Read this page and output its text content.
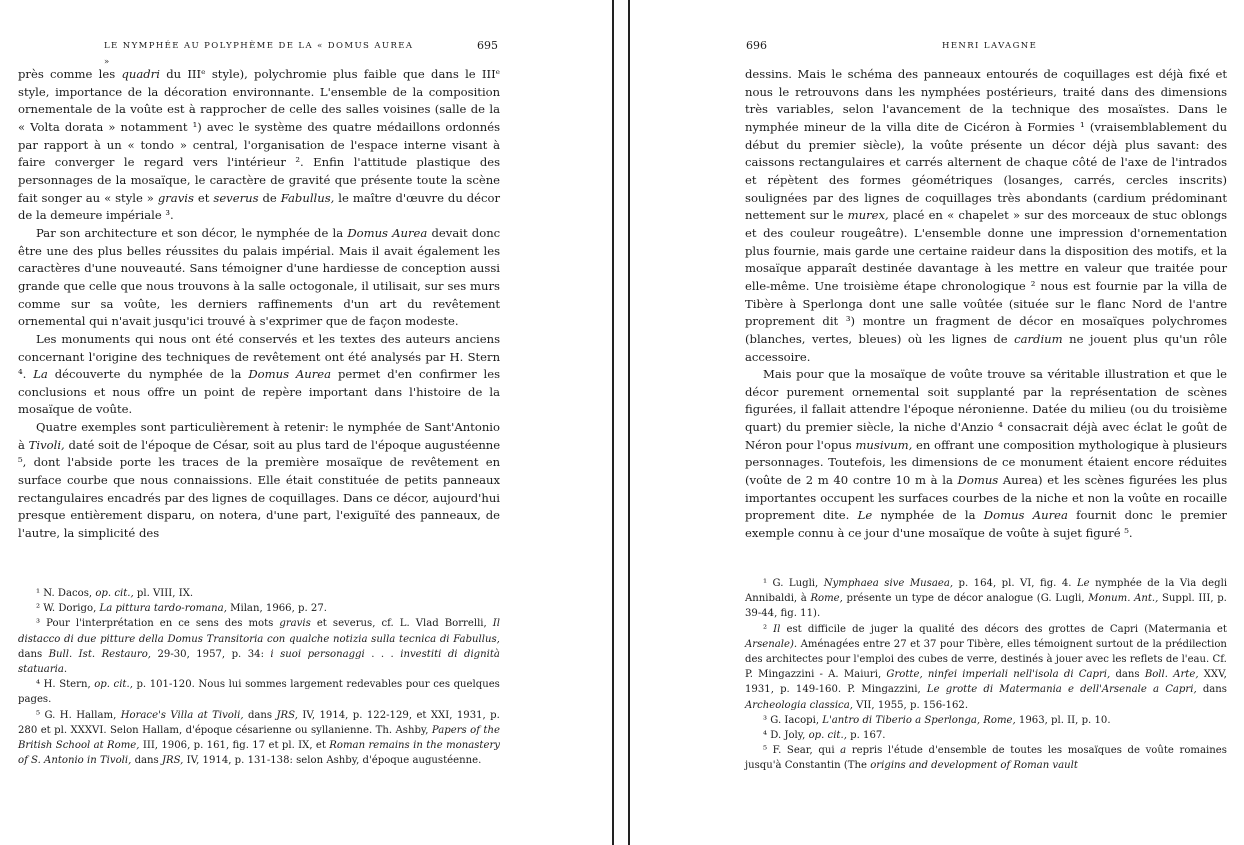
LE NYMPHÉE AU POLYPHÈME DE LA « DOMUS AUREA »
695

près comme les quadri du IIIᵉ style), polychromie plus faible que dans le IIIᵉ style, importance de la décoration environnante. L'ensemble de la composition ornementale de la voûte est à rapprocher de celle des salles voisines (salle de la « Volta dorata » notamment ¹) avec le système des quatre médaillons ordonnés par rapport à un « tondo » central, l'organisation de l'espace interne visant à faire converger le regard vers l'intérieur ². Enfin l'attitude plastique des personnages de la mosaïque, le caractère de gravité que présente toute la scène fait songer au « style » gravis et severus de Fabullus, le maître d'œuvre du décor de la demeure impériale ³.

Par son architecture et son décor, le nymphée de la Domus Aurea devait donc être une des plus belles réussites du palais impérial. Mais il avait également les caractères d'une nouveauté. Sans témoigner d'une hardiesse de conception aussi grande que celle que nous trouvons à la salle octogonale, il utilisait, sur ses murs comme sur sa voûte, les derniers raffinements d'un art du revêtement ornemental qui n'avait jusqu'ici trouvé à s'exprimer que de façon modeste.

Les monuments qui nous ont été conservés et les textes des auteurs anciens concernant l'origine des techniques de revêtement ont été analysés par H. Stern ⁴. La découverte du nymphée de la Domus Aurea permet d'en confirmer les conclusions et nous offre un point de repère important dans l'histoire de la mosaïque de voûte.

Quatre exemples sont particulièrement à retenir: le nymphée de Sant'Antonio à Tivoli, daté soit de l'époque de César, soit au plus tard de l'époque augustéenne ⁵, dont l'abside porte les traces de la première mosaïque de revêtement en surface courbe que nous connaissions. Elle était constituée de petits panneaux rectangulaires encadrés par des lignes de coquillages. Dans ce décor, aujourd'hui presque entièrement disparu, on notera, d'une part, l'exiguïté des panneaux, de l'autre, la simplicité des

¹ N. Dacos, op. cit., pl. VIII, IX.

² W. Dorigo, La pittura tardo-romana, Milan, 1966, p. 27.

³ Pour l'interprétation en ce sens des mots gravis et severus, cf. L. Vlad Borrelli, Il distacco di due pitture della Domus Transitoria con qualche notizia sulla tecnica di Fabullus, dans Bull. Ist. Restauro, 29-30, 1957, p. 34: i suoi personaggi . . . investiti di dignità statuaria.

⁴ H. Stern, op. cit., p. 101-120. Nous lui sommes largement redevables pour ces quelques pages.

⁵ G. H. Hallam, Horace's Villa at Tivoli, dans JRS, IV, 1914, p. 122-129, et XXI, 1931, p. 280 et pl. XXXVI. Selon Hallam, d'époque césarienne ou syllanienne. Th. Ashby, Papers of the British School at Rome, III, 1906, p. 161, fig. 17 et pl. IX, et Roman remains in the monastery of S. Antonio in Tivoli, dans JRS, IV, 1914, p. 131-138: selon Ashby, d'époque augustéenne.

696	HENRI LAVAGNE

dessins. Mais le schéma des panneaux entourés de coquillages est déjà fixé et nous le retrouvons dans les nymphées postérieurs, traité dans des dimensions très variables, selon l'avancement de la technique des mosaïstes. Dans le nymphée mineur de la villa dite de Cicéron à Formies ¹ (vraisemblablement du début du premier siècle), la voûte présente un décor déjà plus savant: des caissons rectangulaires et carrés alternent de chaque côté de l'axe de l'intrados et répètent des formes géométriques (losanges, carrés, cercles inscrits) soulignées par des lignes de coquillages très abondants (cardium prédominant nettement sur le murex, placé en « chapelet » sur des morceaux de stuc oblongs et des couleur rougeâtre). L'ensemble donne une impression d'ornementation plus fournie, mais garde une certaine raideur dans la disposition des motifs, et la mosaïque apparaît destinée davantage à les mettre en valeur que traitée pour elle-même. Une troisième étape chronologique ² nous est fournie par la villa de Tibère à Sperlonga dont une salle voûtée (située sur le flanc Nord de l'antre proprement dit ³) montre un fragment de décor en mosaïques polychromes (blanches, vertes, bleues) où les lignes de cardium ne jouent plus qu'un rôle accessoire.

Mais pour que la mosaïque de voûte trouve sa véritable illustration et que le décor purement ornemental soit supplanté par la représentation de scènes figurées, il fallait attendre l'époque néronienne. Datée du milieu (ou du troisième quart) du premier siècle, la niche d'Anzio ⁴ consacrait déjà avec éclat le goût de Néron pour l'opus musivum, en offrant une composition mythologique à plusieurs personnages. Toutefois, les dimensions de ce monument étaient encore réduites (voûte de 2 m 40 contre 10 m à la Domus Aurea) et les scènes figurées les plus importantes occupent les surfaces courbes de la niche et non la voûte en rocaille proprement dite. Le nymphée de la Domus Aurea fournit donc le premier exemple connu à ce jour d'une mosaïque de voûte à sujet figuré ⁵.

¹ G. Lugli, Nymphaea sive Musaea, p. 164, pl. VI, fig. 4. Le nymphée de la Via degli Annibaldi, à Rome, présente un type de décor analogue (G. Lugli, Monum. Ant., Suppl. III, p. 39-44, fig. 11).

² Il est difficile de juger la qualité des décors des grottes de Capri (Matermania et Arsenale). Aménagées entre 27 et 37 pour Tibère, elles témoignent surtout de la prédilection des architectes pour l'emploi des cubes de verre, destinés à jouer avec les reflets de l'eau. Cf. P. Mingazzini - A. Maiuri, Grotte, ninfei imperiali nell'isola di Capri, dans Boll. Arte, XXV, 1931, p. 149-160. P. Mingazzini, Le grotte di Matermania e dell'Arsenale a Capri, dans Archeologia classica, VII, 1955, p. 156-162.

³ G. Iacopi, L'antro di Tiberio a Sperlonga, Rome, 1963, pl. II, p. 10.

⁴ D. Joly, op. cit., p. 167.

⁵ F. Sear, qui a repris l'étude d'ensemble de toutes les mosaïques de voûte romaines jusqu'à Constantin (The origins and development of Roman vault
